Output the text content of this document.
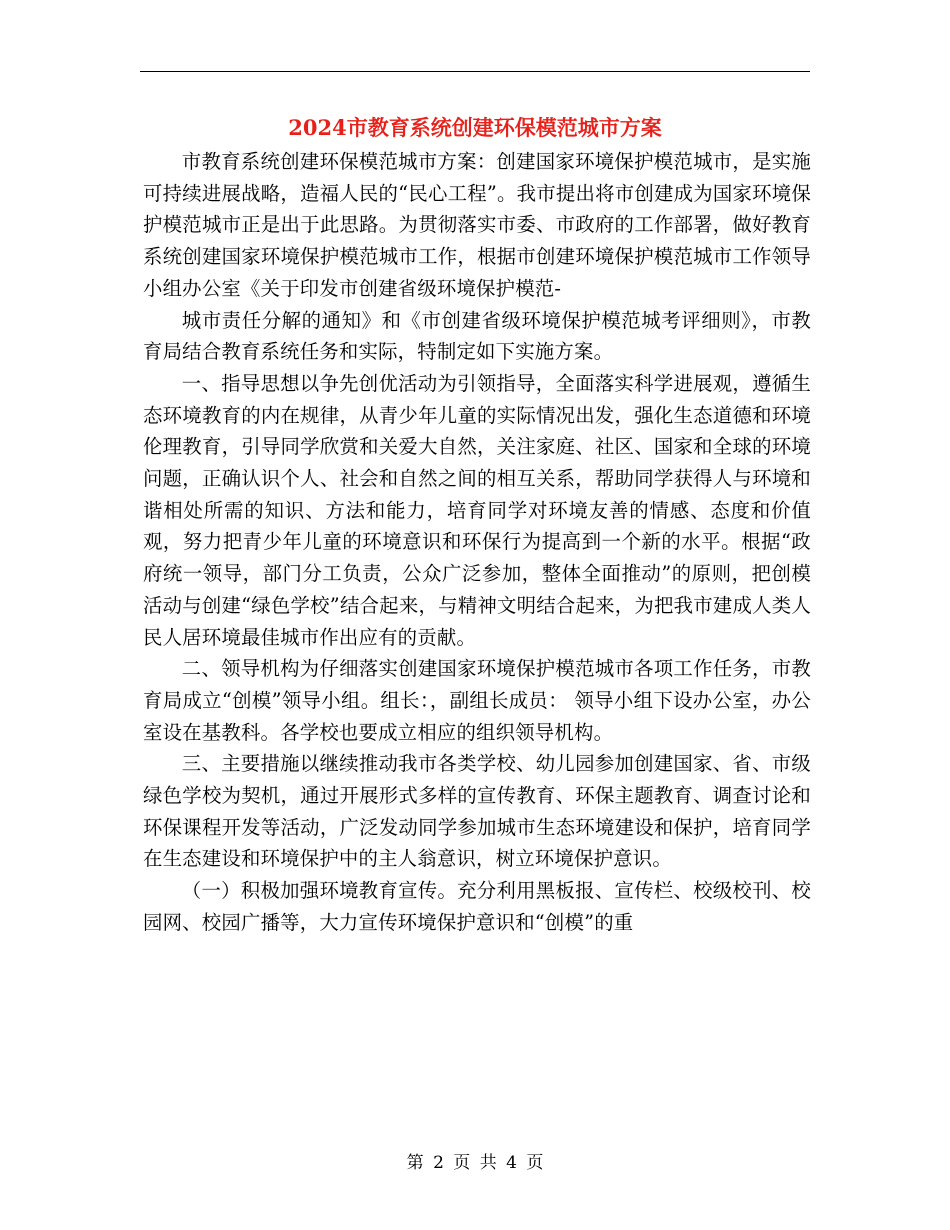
2024市教育系统创建环保模范城市方案

市教育系统创建环保模范城市方案：创建国家环境保护模范城市，是实施可持续进展战略，造福人民的“民心工程”。我市提出将市创建成为国家环境保护模范城市正是出于此思路。为贯彻落实市委、市政府的工作部署，做好教育系统创建国家环境保护模范城市工作，根据市创建环境保护模范城市工作领导小组办公室《关于印发市创建省级环境保护模范-

城市责任分解的通知》和《市创建省级环境保护模范城考评细则》，市教育局结合教育系统任务和实际，特制定如下实施方案。

一、指导思想以争先创优活动为引领指导，全面落实科学进展观，遵循生态环境教育的内在规律，从青少年儿童的实际情况出发，强化生态道德和环境伦理教育，引导同学欣赏和关爱大自然，关注家庭、社区、国家和全球的环境问题，正确认识个人、社会和自然之间的相互关系，帮助同学获得人与环境和谐相处所需的知识、方法和能力，培育同学对环境友善的情感、态度和价值观，努力把青少年儿童的环境意识和环保行为提高到一个新的水平。根据“政府统一领导，部门分工负责，公众广泛参加，整体全面推动”的原则，把创模活动与创建“绿色学校”结合起来，与精神文明结合起来，为把我市建成人类人民人居环境最佳城市作出应有的贡献。

二、领导机构为仔细落实创建国家环境保护模范城市各项工作任务，市教育局成立“创模”领导小组。组长：，副组长成员： 领导小组下设办公室，办公室设在基教科。各学校也要成立相应的组织领导机构。

三、主要措施以继续推动我市各类学校、幼儿园参加创建国家、省、市级绿色学校为契机，通过开展形式多样的宣传教育、环保主题教育、调查讨论和环保课程开发等活动，广泛发动同学参加城市生态环境建设和保护，培育同学在生态建设和环境保护中的主人翁意识，树立环境保护意识。

（一）积极加强环境教育宣传。充分利用黑板报、宣传栏、校级校刊、校园网、校园广播等，大力宣传环境保护意识和“创模”的重

第 2 页 共 4 页
